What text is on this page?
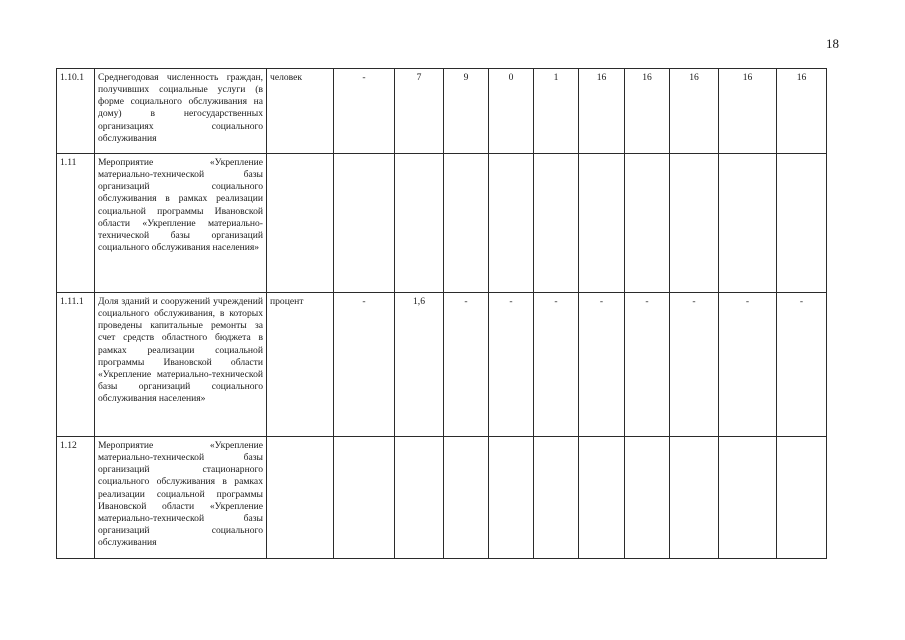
18
1.10.1	Среднегодовая численность граждан, получивших социальные услуги (в форме социального обслуживания на дому) в негосударственных организациях социального обслуживания	человек	-	7	9	0	1	16	16	16	16	16
1.11	Мероприятие «Укрепление материально-технической базы организаций социального обслуживания в рамках реализации социальной программы Ивановской области «Укрепление материально-технической базы организаций социального обслуживания населения»											
1.11.1	Доля зданий и сооружений учреждений социального обслуживания, в которых проведены капитальные ремонты за счет средств областного бюджета в рамках реализации социальной программы Ивановской области «Укрепление материально-технической базы организаций социального обслуживания населения»	процент	-	1,6	-	-	-	-	-	-	-	-
1.12	Мероприятие «Укрепление материально-технической базы организаций стационарного социального обслуживания в рамках реализации социальной программы Ивановской области «Укрепление материально-технической базы организаций социального обслуживания											
